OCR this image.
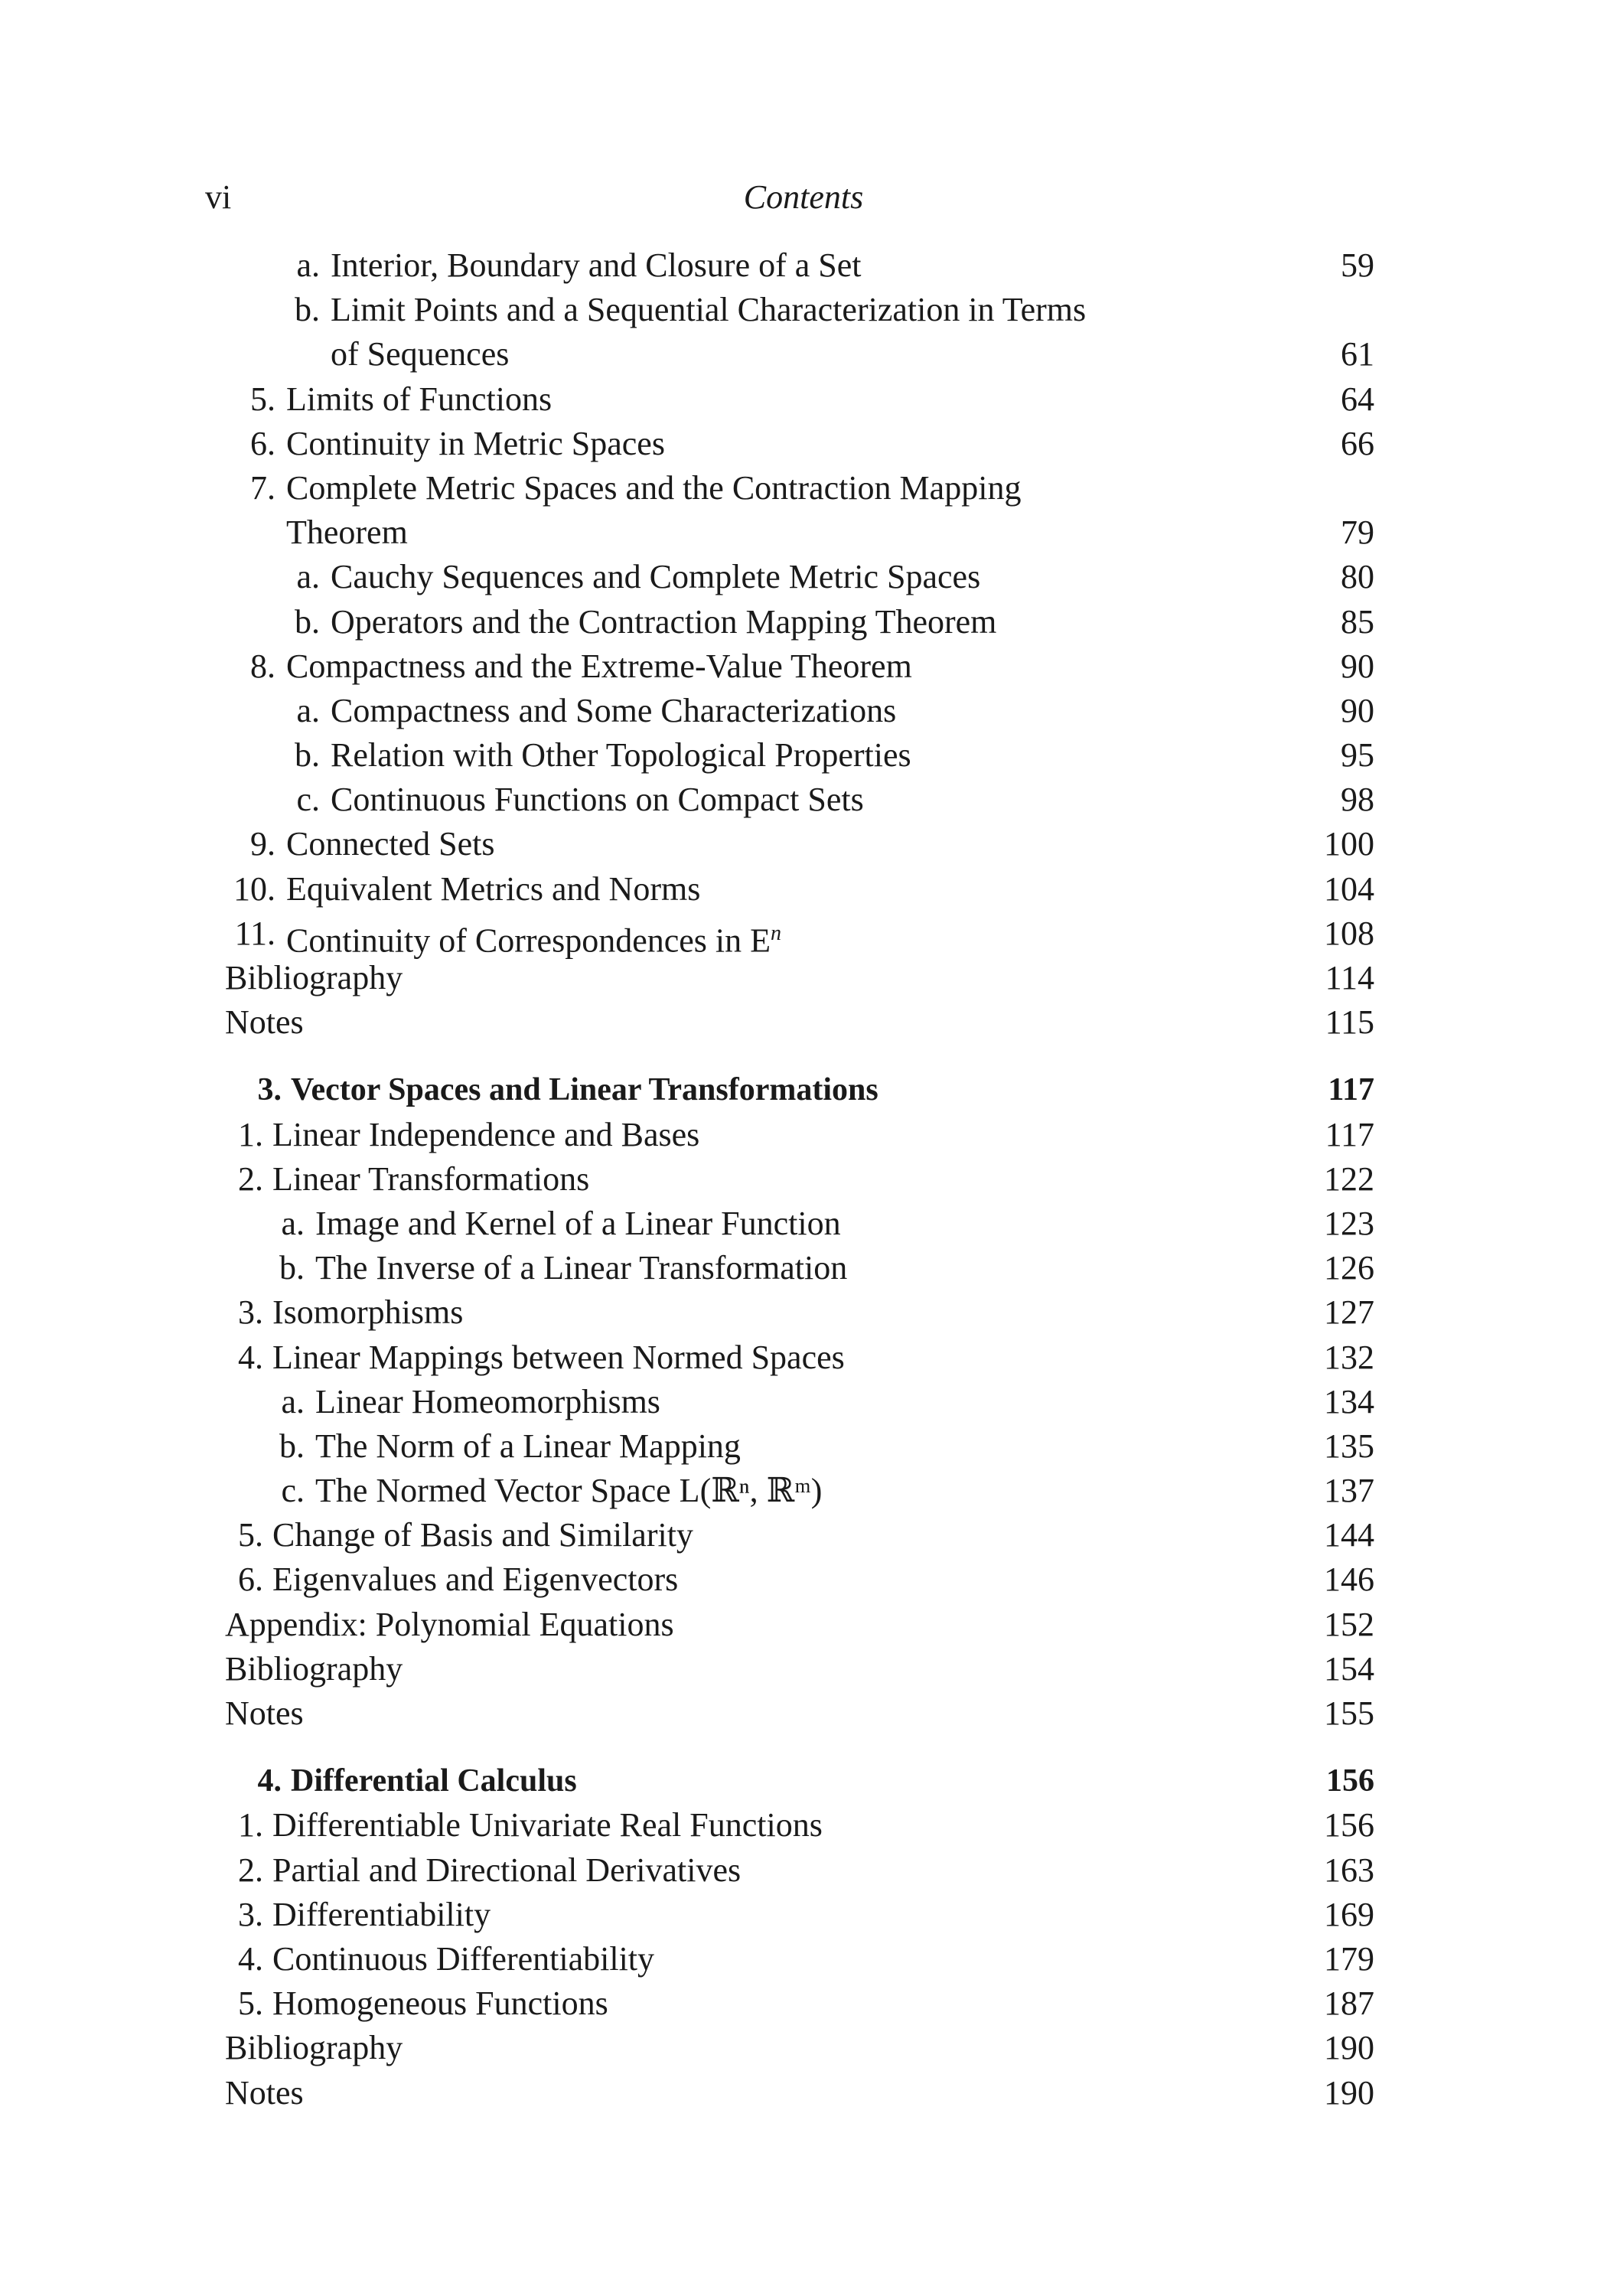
vi	Contents
a. Interior, Boundary and Closure of a Set	59
b. Limit Points and a Sequential Characterization in Terms
of Sequences	61
5. Limits of Functions	64
6. Continuity in Metric Spaces	66
7. Complete Metric Spaces and the Contraction Mapping
Theorem	79
a. Cauchy Sequences and Complete Metric Spaces	80
b. Operators and the Contraction Mapping Theorem	85
8. Compactness and the Extreme-Value Theorem	90
a. Compactness and Some Characterizations	90
b. Relation with Other Topological Properties	95
c. Continuous Functions on Compact Sets	98
9. Connected Sets	100
10. Equivalent Metrics and Norms	104
11. Continuity of Correspondences in $E^n$	108
Bibliography	114
Notes	115
3. Vector Spaces and Linear Transformations	117
1. Linear Independence and Bases	117
2. Linear Transformations	122
a. Image and Kernel of a Linear Function	123
b. The Inverse of a Linear Transformation	126
3. Isomorphisms	127
4. Linear Mappings between Normed Spaces	132
a. Linear Homeomorphisms	134
b. The Norm of a Linear Mapping	135
c. The Normed Vector Space L(ℝⁿ, ℝᵐ)	137
5. Change of Basis and Similarity	144
6. Eigenvalues and Eigenvectors	146
Appendix: Polynomial Equations	152
Bibliography	154
Notes	155
4. Differential Calculus	156
1. Differentiable Univariate Real Functions	156
2. Partial and Directional Derivatives	163
3. Differentiability	169
4. Continuous Differentiability	179
5. Homogeneous Functions	187
Bibliography	190
Notes	190
